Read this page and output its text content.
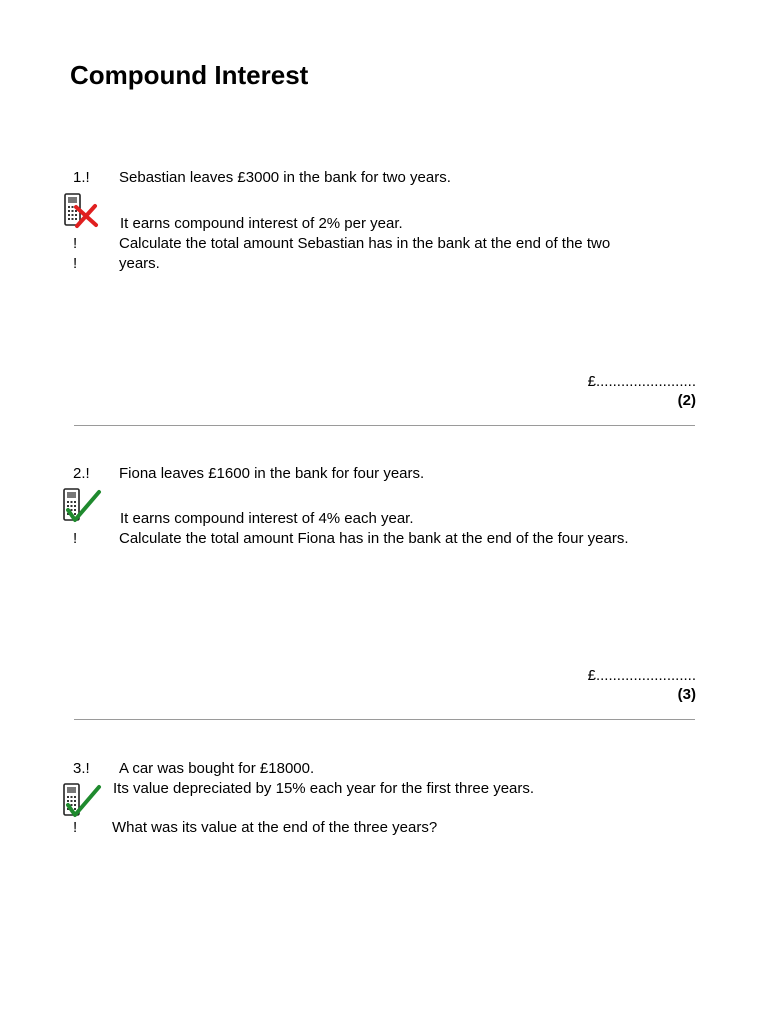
Compound Interest
1.! Sebastian leaves £3000 in the bank for two years.
It earns compound interest of 2% per year.
!	Calculate the total amount Sebastian has in the bank at the end of the two
!	years.
£........................
(2)
2.! Fiona leaves £1600 in the bank for four years.
It earns compound interest of 4% each year.
!	Calculate the total amount Fiona has in the bank at the end of the four years.
£........................
(3)
3.! A car was bought for £18000.
Its value depreciated by 15% each year for the first three years.
! What was its value at the end of the three years?
